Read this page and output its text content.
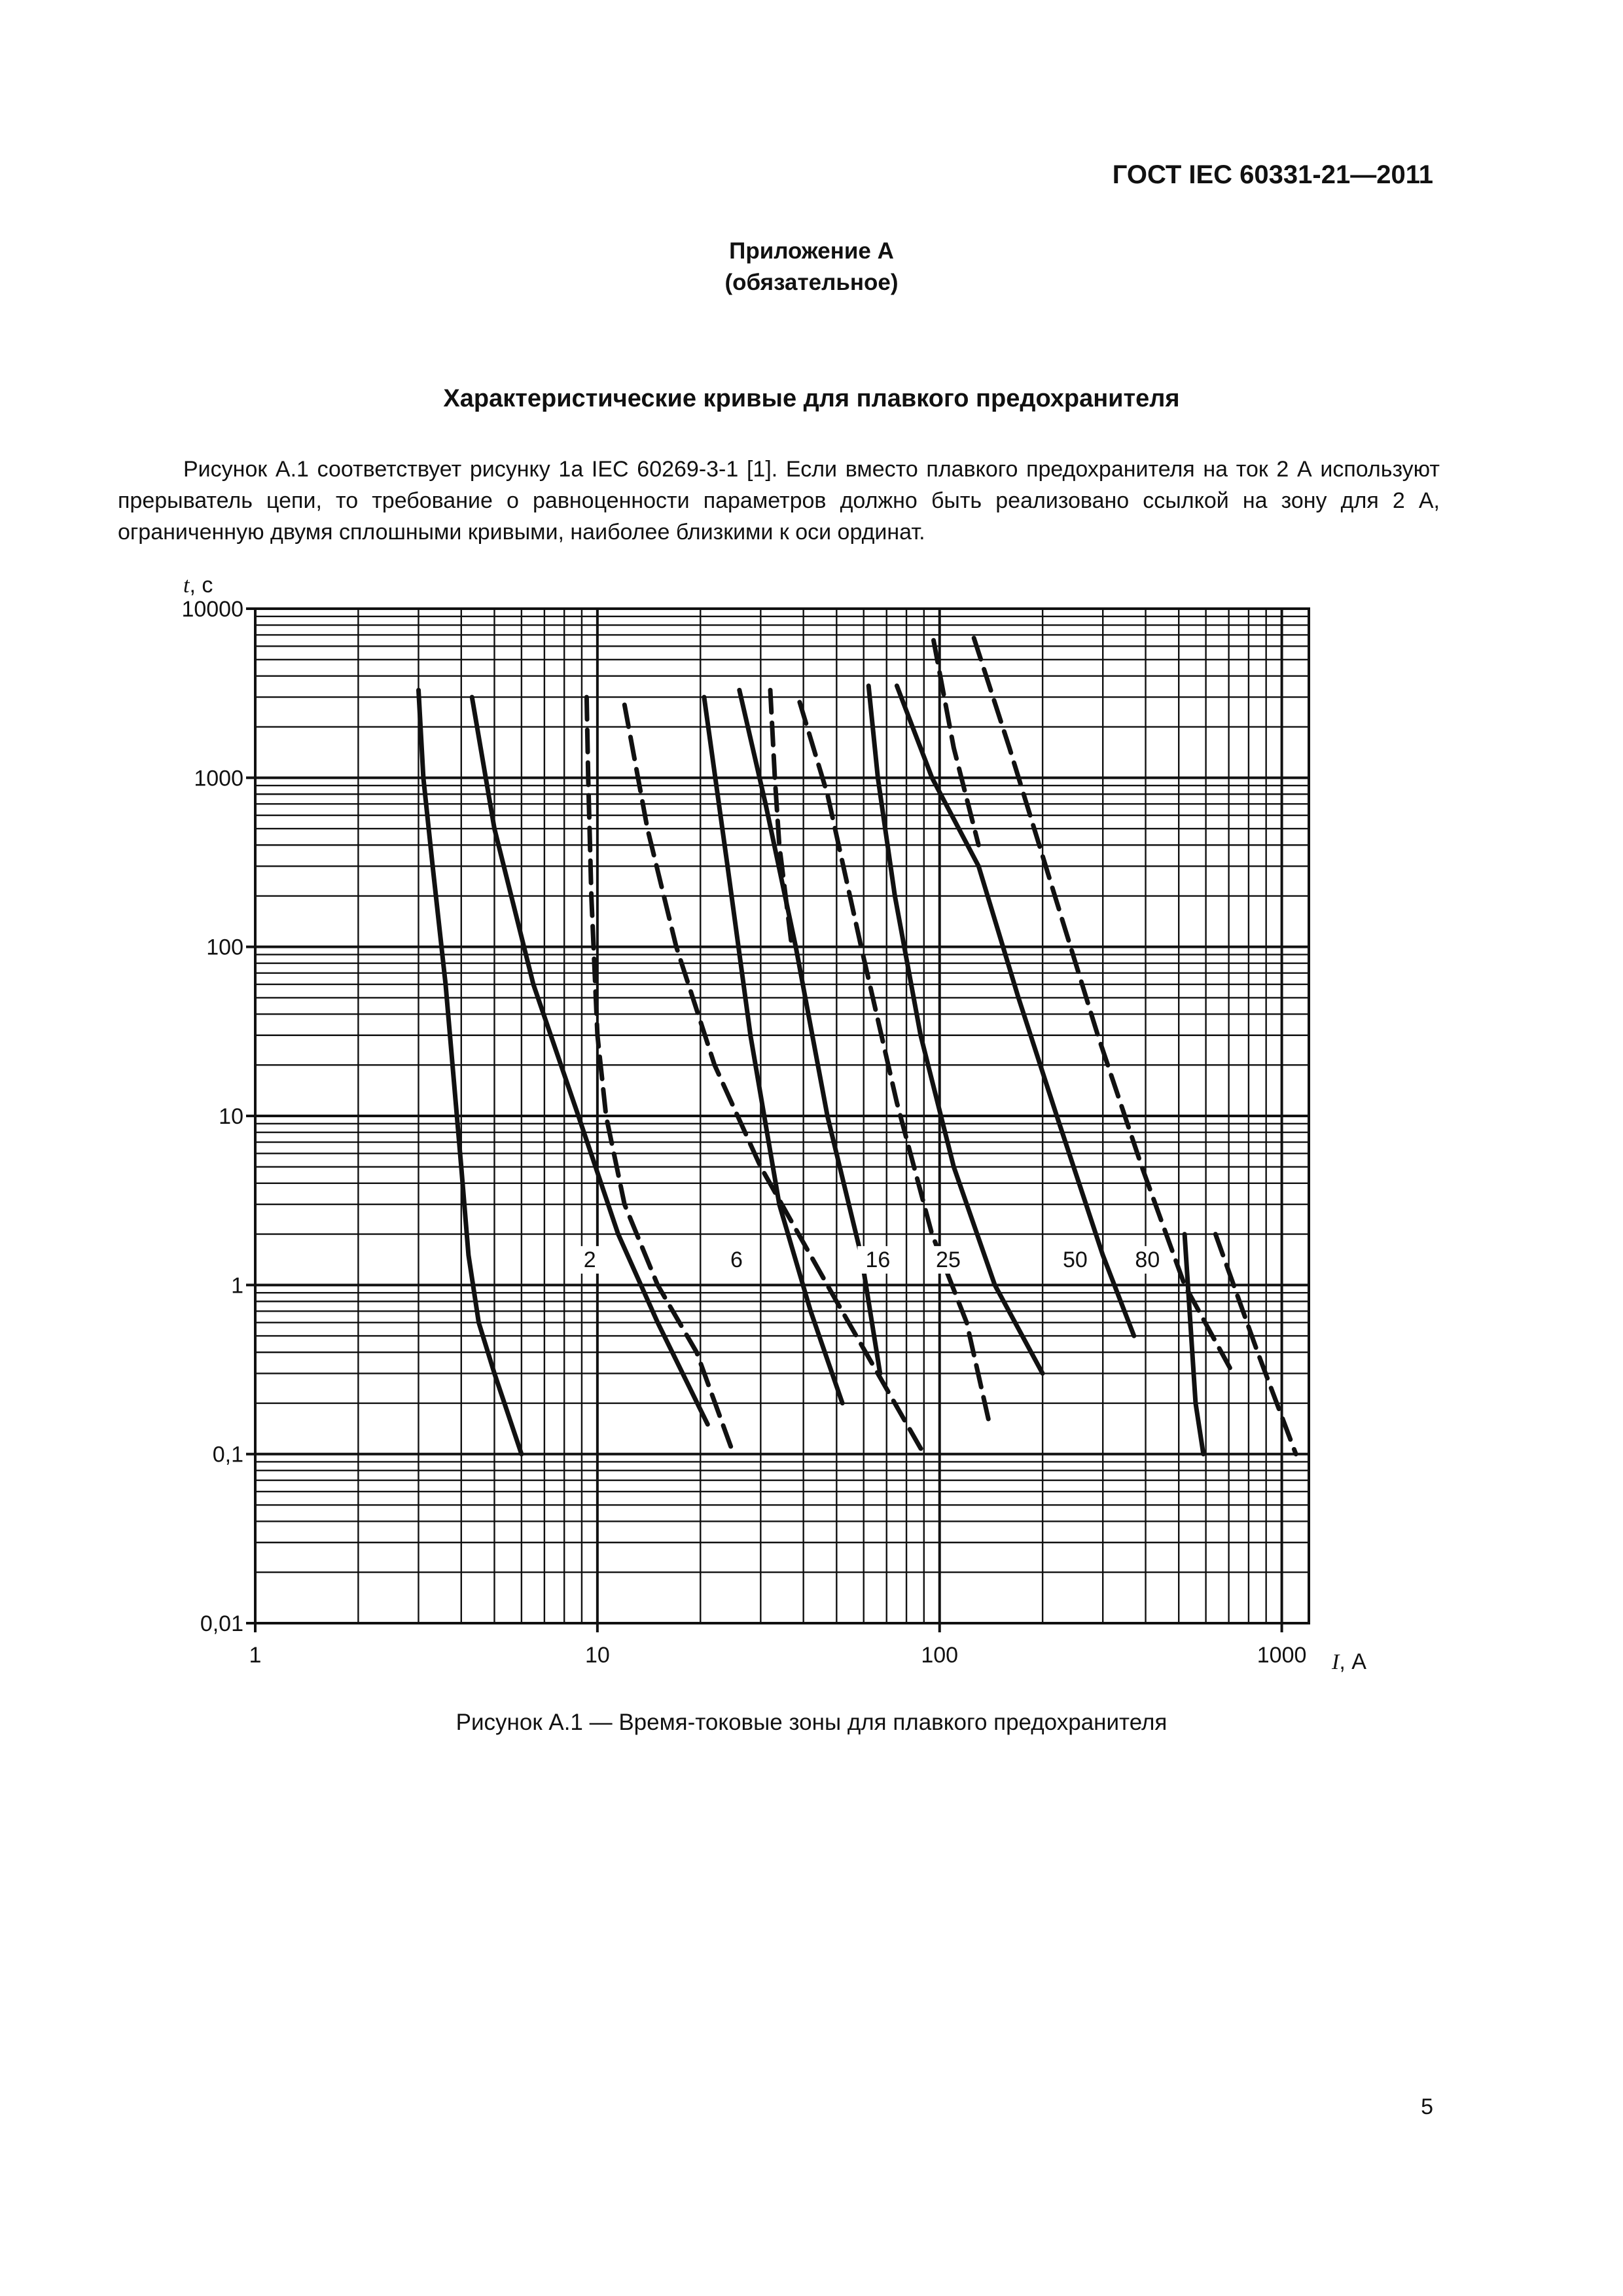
ГОСТ IEC 60331-21—2011
Приложение А
(обязательное)
Характеристические кривые для плавкого предохранителя
Рисунок А.1 соответствует рисунку 1а IEC 60269-3-1 [1]. Если вместо плавкого предохранителя на ток 2 А используют прерыватель цепи, то требование о равноценности параметров должно быть реализовано ссылкой на зону для 2 А, ограниченную двумя сплошными кривыми, наиболее близкими к оси ординат.
0,01
0,1
1
10
100
1000
10000
1	10	100	1000
2	6	16 25	50 80
t, с
I, А
Рисунок А.1 — Время-токовые зоны для плавкого предохранителя
5
